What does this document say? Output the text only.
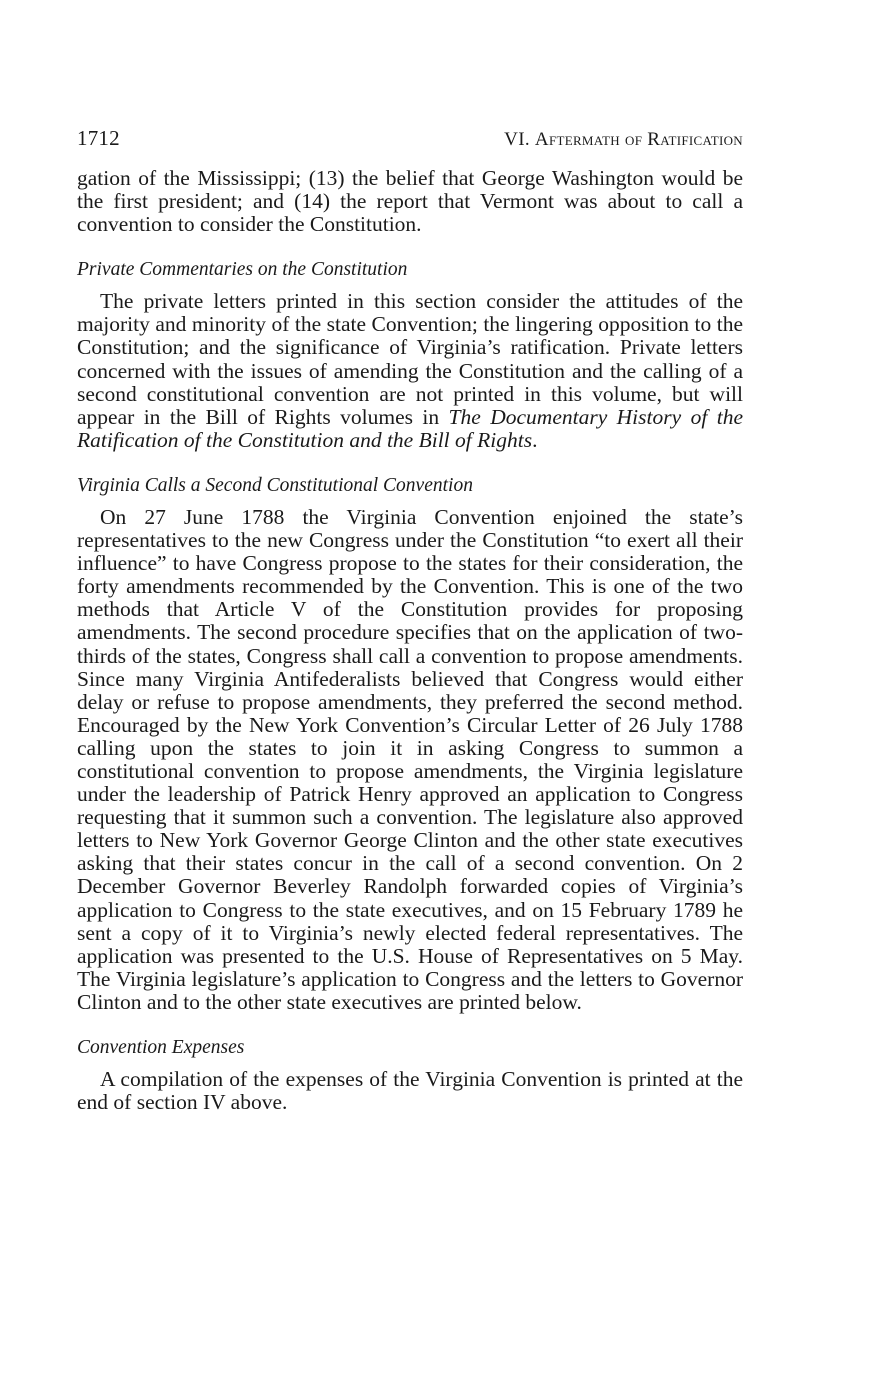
1712	VI. Aftermath of Ratification

gation of the Mississippi; (13) the belief that George Washington would be the first president; and (14) the report that Vermont was about to call a convention to consider the Constitution.

Private Commentaries on the Constitution

The private letters printed in this section consider the attitudes of the majority and minority of the state Convention; the lingering opposition to the Constitution; and the significance of Virginia’s ratification. Private letters concerned with the issues of amending the Constitution and the calling of a second constitutional convention are not printed in this volume, but will appear in the Bill of Rights volumes in The Documentary History of the Ratification of the Constitution and the Bill of Rights.

Virginia Calls a Second Constitutional Convention

On 27 June 1788 the Virginia Convention enjoined the state’s representatives to the new Congress under the Constitution “to exert all their influence” to have Congress propose to the states for their consideration, the forty amendments recommended by the Convention. This is one of the two methods that Article V of the Constitution provides for proposing amendments. The second procedure specifies that on the application of two-thirds of the states, Congress shall call a convention to propose amendments. Since many Virginia Antifederalists believed that Congress would either delay or refuse to propose amendments, they preferred the second method. Encouraged by the New York Convention’s Circular Letter of 26 July 1788 calling upon the states to join it in asking Congress to summon a constitutional convention to propose amendments, the Virginia legislature under the leadership of Patrick Henry approved an application to Congress requesting that it summon such a convention. The legislature also approved letters to New York Governor George Clinton and the other state executives asking that their states concur in the call of a second convention. On 2 December Governor Beverley Randolph forwarded copies of Virginia’s application to Congress to the state executives, and on 15 February 1789 he sent a copy of it to Virginia’s newly elected federal representatives. The application was presented to the U.S. House of Representatives on 5 May. The Virginia legislature’s application to Congress and the letters to Governor Clinton and to the other state executives are printed below.

Convention Expenses

A compilation of the expenses of the Virginia Convention is printed at the end of section IV above.
